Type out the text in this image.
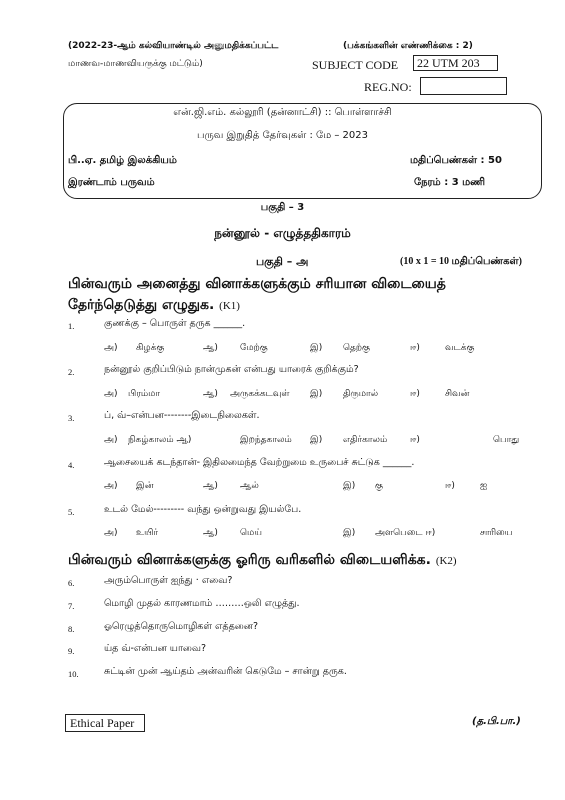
(2022-23-ஆம் கல்வியாண்டில் அனுமதிக்கப்பட்ட	(பக்கங்களின் எண்ணிக்கை : 2)
மாணவ-மாணவியருக்கு மட்டும்)	SUBJECT CODE	22 UTM 203
REG.NO:
என்.ஜி.எம். கல்லூரி (தன்னாட்சி) :: பொள்ளாச்சி
பருவ இறுதித் தேர்வுகள் : மே – 2023
பி..ஏ. தமிழ் இலக்கியம்	மதிப்பெண்கள் : 50
இரண்டாம் பருவம்	நேரம் : 3 மணி
பகுதி – 3
நன்னூல் - எழுத்ததிகாரம்
பகுதி – அ	(10 x 1 = 10 மதிப்பெண்கள்)
பின்வரும் அனைத்து வினாக்களுக்கும் சரியான விடையைத்
தேர்ந்தெடுத்து எழுதுக. (K1)
1.	குணக்கு – பொருள் தருக ______.
அ) கிழக்கு	ஆ) மேற்கு	இ) தெற்கு	ஈ)	வடக்கு
2.	நன்னூல் குறிப்பிடும் நான்முகன் என்பது யாரைக் குறிக்கும்?
அ) பிரம்மா	ஆ) அருகக்கடவுள் இ) திருமால்	ஈ)	சிவன்
3.	ப், வ்–என்பன--------இடைநிலைகள்.
அ) நிகழ்காலம் ஆ)	இறந்தகாலம் இ) எதிர்காலம்	ஈ)	பொது
4.	ஆசையைக் கடந்தான்- இதிலமைந்த வேற்றுமை உருபைச் சுட்டுக ______.
அ) இன்	ஆ) ஆல்	இ) கு	ஈ)	ஐ
5.	உடல் மேல்--------- வந்து ஒன்றுவது இயல்பே.
அ) உயிர்	ஆ) மெய்	இ) அளபெடை ஈ)	சாரியை
பின்வரும் வினாக்களுக்கு ஓரிரு வரிகளில் விடையளிக்க. (K2)
6.	அரும்பொருள் ஐந்து · எவை?
7.	மொழி முதல் காரணமாம் ………ஒலி எழுத்து.
8.	ஓரெழுத்தொருமொழிகள் எத்தனை?
9.	ய்த வ்-என்பன யாவை?
10.	சுட்டின் முன் ஆய்தம் அன்வரின் கெடுமே – சான்று தருக.
Ethical Paper	(த.பி.பா.)
